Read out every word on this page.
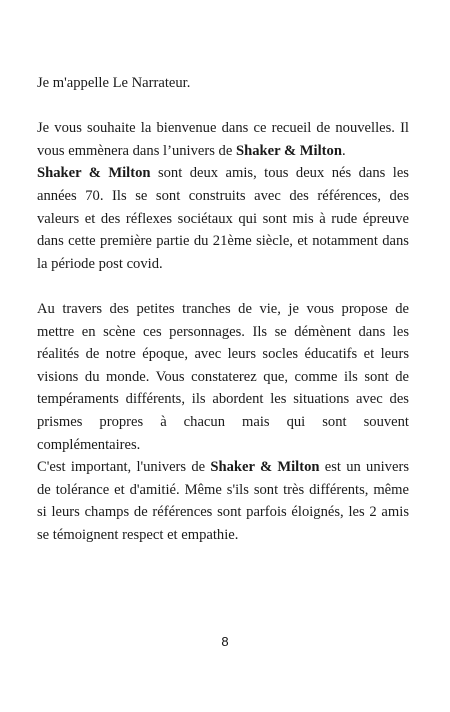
Je m'appelle Le Narrateur.

Je vous souhaite la bienvenue dans ce recueil de nouvelles. Il vous emmènera dans l’univers de Shaker & Milton.

Shaker & Milton sont deux amis, tous deux nés dans les années 70. Ils se sont construits avec des références, des valeurs et des réflexes sociétaux qui sont mis à rude épreuve dans cette première partie du 21ème siècle, et notamment dans la période post covid.

Au travers des petites tranches de vie, je vous propose de mettre en scène ces personnages. Ils se démènent dans les réalités de notre époque, avec leurs socles éducatifs et leurs visions du monde. Vous constaterez que, comme ils sont de tempéraments différents, ils abordent les situations avec des prismes propres à chacun mais qui sont souvent complémentaires.

C'est important, l'univers de Shaker & Milton est un univers de tolérance et d'amitié. Même s'ils sont très différents, même si leurs champs de références sont parfois éloignés, les 2 amis se témoignent respect et empathie.

8
